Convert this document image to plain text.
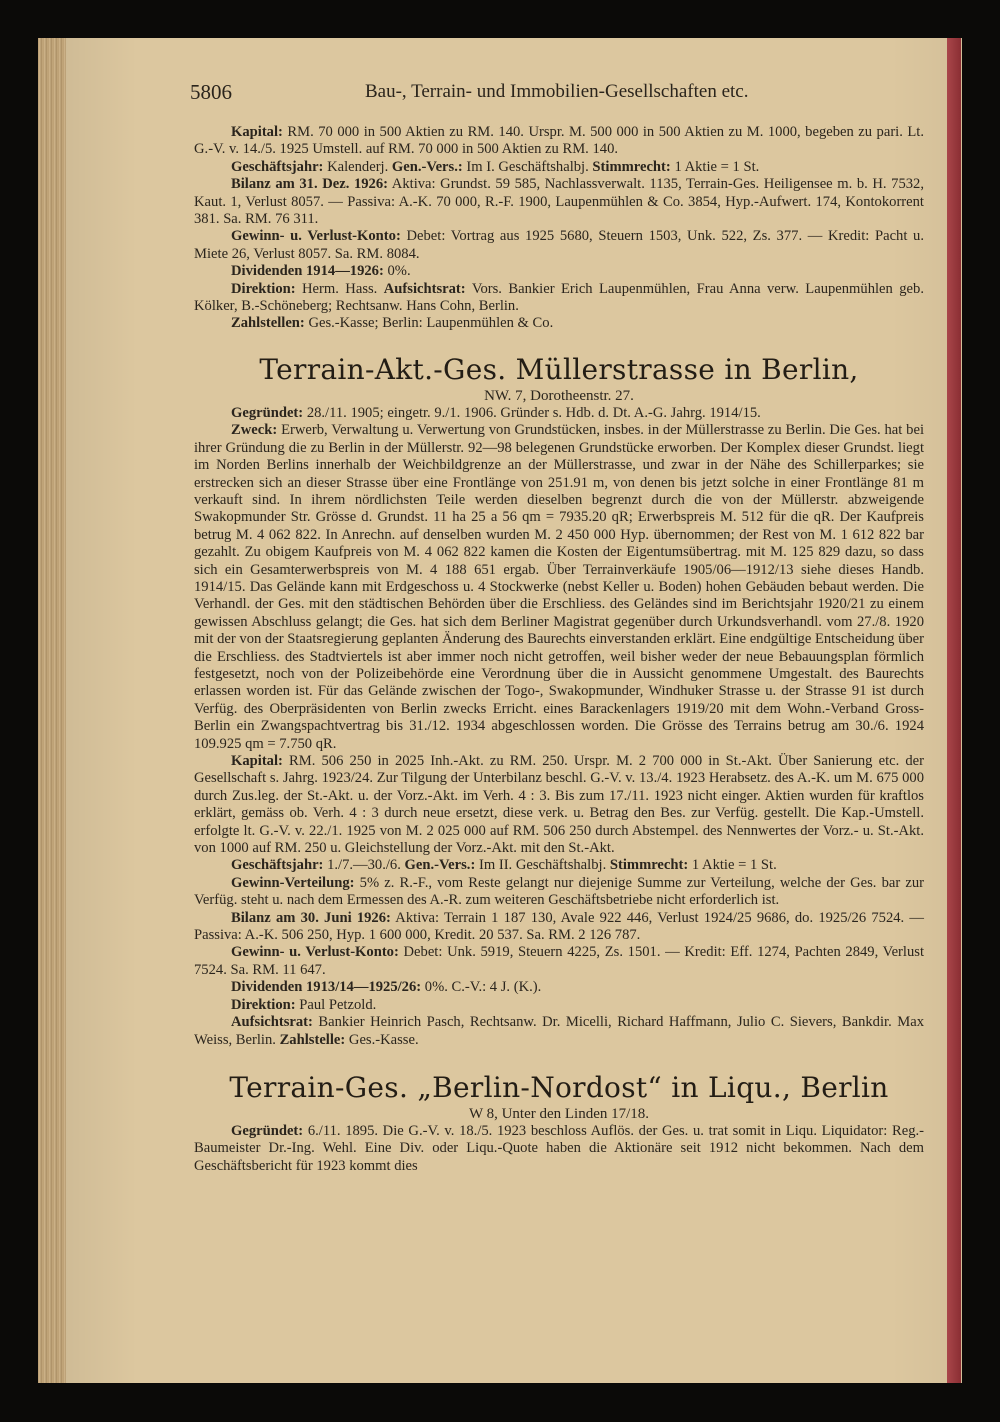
5806	Bau-, Terrain- und Immobilien-Gesellschaften etc.

Kapital: RM. 70 000 in 500 Aktien zu RM. 140. Urspr. M. 500 000 in 500 Aktien zu M. 1000, begeben zu pari. Lt. G.-V. v. 14./5. 1925 Umstell. auf RM. 70 000 in 500 Aktien zu RM. 140.

Geschäftsjahr: Kalenderj. Gen.-Vers.: Im I. Geschäftshalbj. Stimmrecht: 1 Aktie = 1 St.

Bilanz am 31. Dez. 1926: Aktiva: Grundst. 59 585, Nachlassverwalt. 1135, Terrain-Ges. Heiligensee m. b. H. 7532, Kaut. 1, Verlust 8057. — Passiva: A.-K. 70 000, R.-F. 1900, Laupenmühlen & Co. 3854, Hyp.-Aufwert. 174, Kontokorrent 381. Sa. RM. 76 311.

Gewinn- u. Verlust-Konto: Debet: Vortrag aus 1925 5680, Steuern 1503, Unk. 522, Zs. 377. — Kredit: Pacht u. Miete 26, Verlust 8057. Sa. RM. 8084.

Dividenden 1914—1926: 0%.

Direktion: Herm. Hass. Aufsichtsrat: Vors. Bankier Erich Laupenmühlen, Frau Anna verw. Laupenmühlen geb. Kölker, B.-Schöneberg; Rechtsanw. Hans Cohn, Berlin.

Zahlstellen: Ges.-Kasse; Berlin: Laupenmühlen & Co.

Terrain-Akt.-Ges. Müllerstrasse in Berlin,
NW. 7, Dorotheenstr. 27.

Gegründet: 28./11. 1905; eingetr. 9./1. 1906. Gründer s. Hdb. d. Dt. A.-G. Jahrg. 1914/15.

Zweck: Erwerb, Verwaltung u. Verwertung von Grundstücken, insbes. in der Müllerstrasse zu Berlin. Die Ges. hat bei ihrer Gründung die zu Berlin in der Müllerstr. 92—98 belegenen Grundstücke erworben. Der Komplex dieser Grundst. liegt im Norden Berlins innerhalb der Weichbildgrenze an der Müllerstrasse, und zwar in der Nähe des Schillerparkes; sie erstrecken sich an dieser Strasse über eine Frontlänge von 251.91 m, von denen bis jetzt solche in einer Frontlänge 81 m verkauft sind. In ihrem nördlichsten Teile werden dieselben begrenzt durch die von der Müllerstr. abzweigende Swakopmunder Str. Grösse d. Grundst. 11 ha 25 a 56 qm = 7935.20 qR; Erwerbspreis M. 512 für die qR. Der Kaufpreis betrug M. 4 062 822. In Anrechn. auf denselben wurden M. 2 450 000 Hyp. übernommen; der Rest von M. 1 612 822 bar gezahlt. Zu obigem Kaufpreis von M. 4 062 822 kamen die Kosten der Eigentumsübertrag. mit M. 125 829 dazu, so dass sich ein Gesamterwerbspreis von M. 4 188 651 ergab. Über Terrainverkäufe 1905/06—1912/13 siehe dieses Handb. 1914/15. Das Gelände kann mit Erdgeschoss u. 4 Stockwerke (nebst Keller u. Boden) hohen Gebäuden bebaut werden. Die Verhandl. der Ges. mit den städtischen Behörden über die Erschliess. des Geländes sind im Berichtsjahr 1920/21 zu einem gewissen Abschluss gelangt; die Ges. hat sich dem Berliner Magistrat gegenüber durch Urkundsverhandl. vom 27./8. 1920 mit der von der Staatsregierung geplanten Änderung des Baurechts einverstanden erklärt. Eine endgültige Entscheidung über die Erschliess. des Stadtviertels ist aber immer noch nicht getroffen, weil bisher weder der neue Bebauungsplan förmlich festgesetzt, noch von der Polizeibehörde eine Verordnung über die in Aussicht genommene Umgestalt. des Baurechts erlassen worden ist. Für das Gelände zwischen der Togo-, Swakopmunder, Windhuker Strasse u. der Strasse 91 ist durch Verfüg. des Oberpräsidenten von Berlin zwecks Erricht. eines Barackenlagers 1919/20 mit dem Wohn.-Verband Gross-Berlin ein Zwangspachtvertrag bis 31./12. 1934 abgeschlossen worden. Die Grösse des Terrains betrug am 30./6. 1924 109.925 qm = 7.750 qR.

Kapital: RM. 506 250 in 2025 Inh.-Akt. zu RM. 250. Urspr. M. 2 700 000 in St.-Akt. Über Sanierung etc. der Gesellschaft s. Jahrg. 1923/24. Zur Tilgung der Unterbilanz beschl. G.-V. v. 13./4. 1923 Herabsetz. des A.-K. um M. 675 000 durch Zus.leg. der St.-Akt. u. der Vorz.-Akt. im Verh. 4 : 3. Bis zum 17./11. 1923 nicht einger. Aktien wurden für kraftlos erklärt, gemäss ob. Verh. 4 : 3 durch neue ersetzt, diese verk. u. Betrag den Bes. zur Verfüg. gestellt. Die Kap.-Umstell. erfolgte lt. G.-V. v. 22./1. 1925 von M. 2 025 000 auf RM. 506 250 durch Abstempel. des Nennwertes der Vorz.- u. St.-Akt. von 1000 auf RM. 250 u. Gleichstellung der Vorz.-Akt. mit den St.-Akt.

Geschäftsjahr: 1./7.—30./6. Gen.-Vers.: Im II. Geschäftshalbj. Stimmrecht: 1 Aktie = 1 St.

Gewinn-Verteilung: 5% z. R.-F., vom Reste gelangt nur diejenige Summe zur Verteilung, welche der Ges. bar zur Verfüg. steht u. nach dem Ermessen des A.-R. zum weiteren Geschäftsbetriebe nicht erforderlich ist.

Bilanz am 30. Juni 1926: Aktiva: Terrain 1 187 130, Avale 922 446, Verlust 1924/25 9686, do. 1925/26 7524. — Passiva: A.-K. 506 250, Hyp. 1 600 000, Kredit. 20 537. Sa. RM. 2 126 787.

Gewinn- u. Verlust-Konto: Debet: Unk. 5919, Steuern 4225, Zs. 1501. — Kredit: Eff. 1274, Pachten 2849, Verlust 7524. Sa. RM. 11 647.

Dividenden 1913/14—1925/26: 0%. C.-V.: 4 J. (K.).

Direktion: Paul Petzold.

Aufsichtsrat: Bankier Heinrich Pasch, Rechtsanw. Dr. Micelli, Richard Haffmann, Julio C. Sievers, Bankdir. Max Weiss, Berlin. Zahlstelle: Ges.-Kasse.

Terrain-Ges. „Berlin-Nordost“ in Liqu., Berlin
W 8, Unter den Linden 17/18.

Gegründet: 6./11. 1895. Die G.-V. v. 18./5. 1923 beschloss Auflös. der Ges. u. trat somit in Liqu. Liquidator: Reg.-Baumeister Dr.-Ing. Wehl. Eine Div. oder Liqu.-Quote haben die Aktionäre seit 1912 nicht bekommen. Nach dem Geschäftsbericht für 1923 kommt dies
